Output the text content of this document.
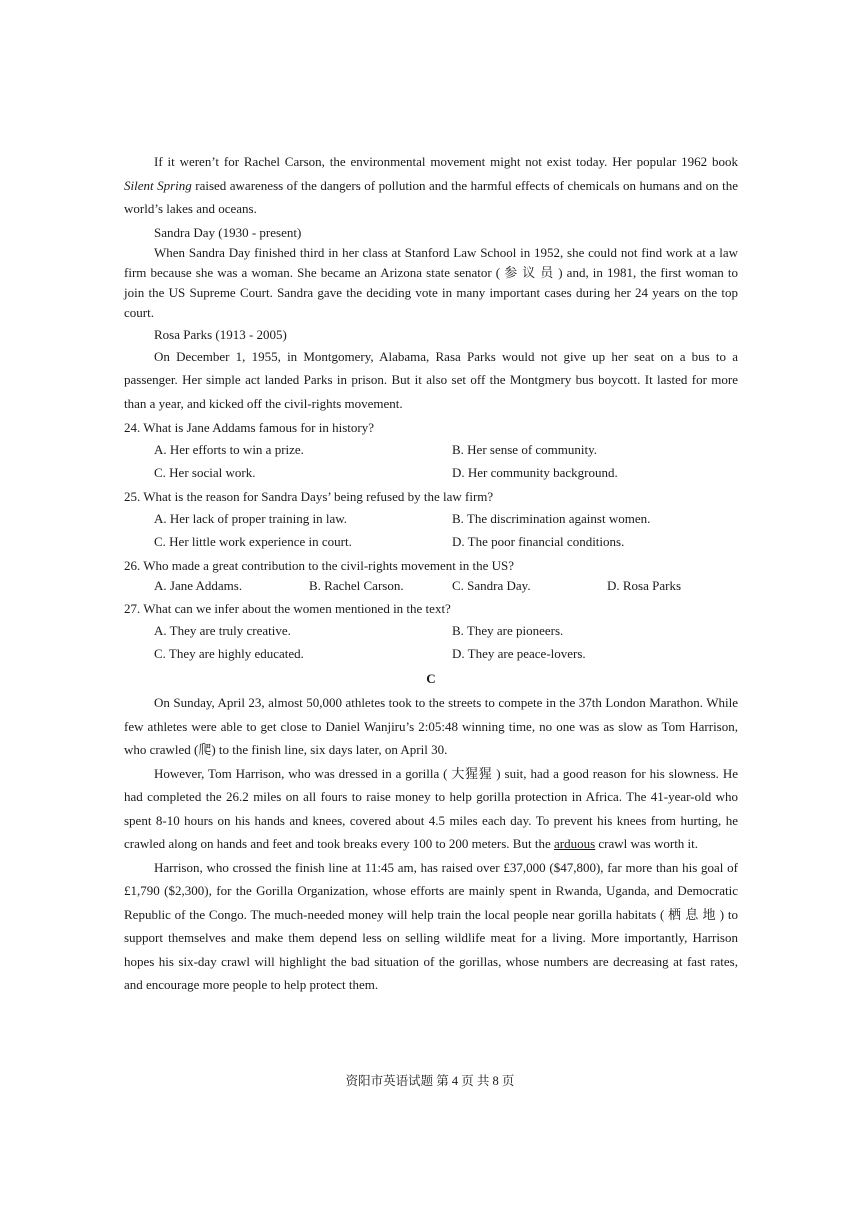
If it weren’t for Rachel Carson, the environmental movement might not exist today. Her popular 1962 book Silent Spring raised awareness of the dangers of pollution and the harmful effects of chemicals on humans and on the world’s lakes and oceans.

Sandra Day (1930 - present)

When Sandra Day finished third in her class at Stanford Law School in 1952, she could not find work at a law firm because she was a woman. She became an Arizona state senator ( 参 议 员 ) and, in 1981, the first woman to join the US Supreme Court. Sandra gave the deciding vote in many important cases during her 24 years on the top court.

Rosa Parks (1913 - 2005)

On December 1, 1955, in Montgomery, Alabama, Rasa Parks would not give up her seat on a bus to a passenger. Her simple act landed Parks in prison. But it also set off the Montgmery bus boycott. It lasted for more than a year, and kicked off the civil-rights movement.

24. What is Jane Addams famous for in history?
A. Her efforts to win a prize.	B. Her sense of community.
C. Her social work.	D. Her community background.
25. What is the reason for Sandra Days’ being refused by the law firm?
A. Her lack of proper training in law.	B. The discrimination against women.
C. Her little work experience in court.	D. The poor financial conditions.
26. Who made a great contribution to the civil-rights movement in the US?
A. Jane Addams.	B. Rachel Carson.	C. Sandra Day.	D. Rosa Parks
27. What can we infer about the women mentioned in the text?
A. They are truly creative.	B. They are pioneers.
C. They are highly educated.	D. They are peace-lovers.
C

On Sunday, April 23, almost 50,000 athletes took to the streets to compete in the 37th London Marathon. While few athletes were able to get close to Daniel Wanjiru’s 2:05:48 winning time, no one was as slow as Tom Harrison, who crawled (爬) to the finish line, six days later, on April 30.

However, Tom Harrison, who was dressed in a gorilla ( 大猩猩 ) suit, had a good reason for his slowness. He had completed the 26.2 miles on all fours to raise money to help gorilla protection in Africa. The 41-year-old who spent 8-10 hours on his hands and knees, covered about 4.5 miles each day. To prevent his knees from hurting, he crawled along on hands and feet and took breaks every 100 to 200 meters. But the arduous crawl was worth it.

Harrison, who crossed the finish line at 11:45 am, has raised over £37,000 ($47,800), far more than his goal of £1,790 ($2,300), for the Gorilla Organization, whose efforts are mainly spent in Rwanda, Uganda, and Democratic Republic of the Congo. The much-needed money will help train the local people near gorilla habitats ( 栖 息 地 ) to support themselves and make them depend less on selling wildlife meat for a living. More importantly, Harrison hopes his six-day crawl will highlight the bad situation of the gorillas, whose numbers are decreasing at fast rates, and encourage more people to help protect them.

资阳市英语试题 第 4 页 共 8 页
